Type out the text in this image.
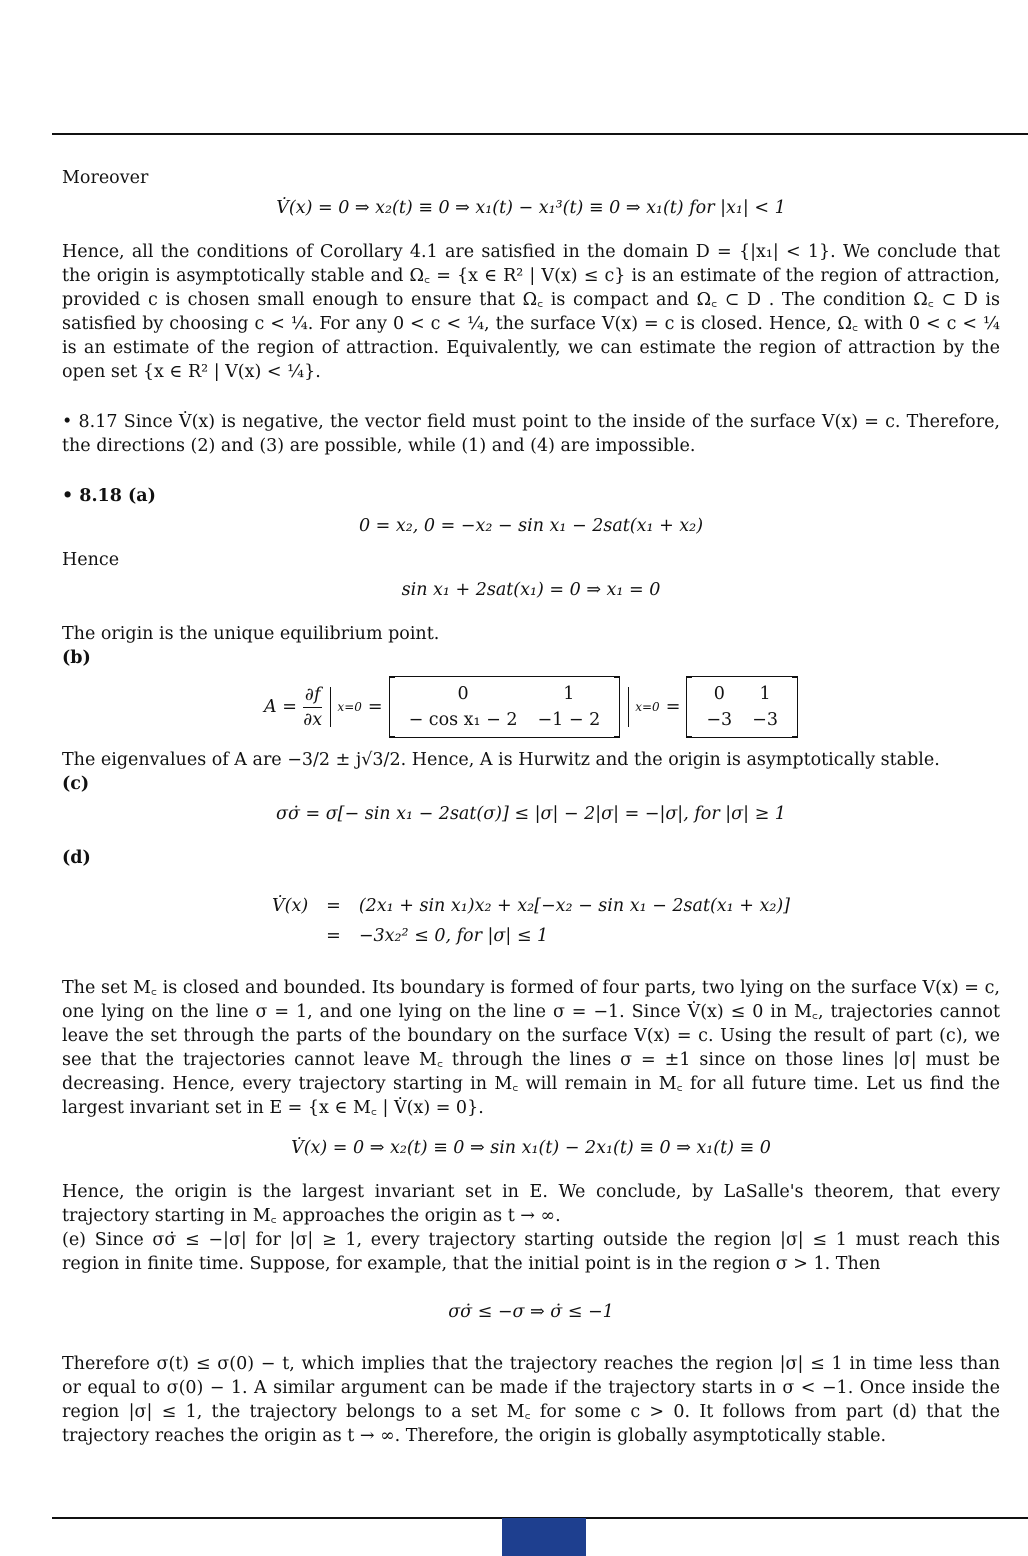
Moreover

V̇(x) = 0 ⇒ x₂(t) ≡ 0 ⇒ x₁(t) − x₁³(t) ≡ 0 ⇒ x₁(t) for |x₁| < 1

Hence, all the conditions of Corollary 4.1 are satisfied in the domain D = {|x₁| < 1}. We conclude that the origin is asymptotically stable and Ω꜀ = {x ∈ R² | V(x) ≤ c} is an estimate of the region of attraction, provided c is chosen small enough to ensure that Ω꜀ is compact and Ω꜀ ⊂ D . The condition Ω꜀ ⊂ D is satisfied by choosing c < ¼. For any 0 < c < ¼, the surface V(x) = c is closed. Hence, Ω꜀ with 0 < c < ¼ is an estimate of the region of attraction. Equivalently, we can estimate the region of attraction by the open set {x ∈ R² | V(x) < ¼}.

• 8.17 Since V̇(x) is negative, the vector field must point to the inside of the surface V(x) = c. Therefore, the directions (2) and (3) are possible, while (1) and (4) are impossible.

• 8.18 (a)

0 = x₂, 0 = −x₂ − sin x₁ − 2sat(x₁ + x₂)

Hence

sin x₁ + 2sat(x₁) = 0 ⇒ x₁ = 0

The origin is the unique equilibrium point.

(b)

$A = \frac{\partial f}{\partial x} x=0$ =
0	1
− cos x₁ − 2	−1 − 2
x=0 =
0	1
−3	−3

The eigenvalues of A are −3/2 ± j√3/2. Hence, A is Hurwitz and the origin is asymptotically stable.

(c)

σσ̇ = σ[− sin x₁ − 2sat(σ)] ≤ |σ| − 2|σ| = −|σ|, for |σ| ≥ 1

(d)

V̇(x) = (2x₁ + sin x₁)x₂ + x₂[−x₂ − sin x₁ − 2sat(x₁ + x₂)]
= −3x₂² ≤ 0, for |σ| ≤ 1

The set M꜀ is closed and bounded. Its boundary is formed of four parts, two lying on the surface V(x) = c, one lying on the line σ = 1, and one lying on the line σ = −1. Since V̇(x) ≤ 0 in M꜀, trajectories cannot leave the set through the parts of the boundary on the surface V(x) = c. Using the result of part (c), we see that the trajectories cannot leave M꜀ through the lines σ = ±1 since on those lines |σ| must be decreasing. Hence, every trajectory starting in M꜀ will remain in M꜀ for all future time. Let us find the largest invariant set in E = {x ∈ M꜀ | V̇(x) = 0}.

V̇(x) = 0 ⇒ x₂(t) ≡ 0 ⇒ sin x₁(t) − 2x₁(t) ≡ 0 ⇒ x₁(t) ≡ 0

Hence, the origin is the largest invariant set in E. We conclude, by LaSalle's theorem, that every trajectory starting in M꜀ approaches the origin as t → ∞.

(e) Since σσ̇ ≤ −|σ| for |σ| ≥ 1, every trajectory starting outside the region |σ| ≤ 1 must reach this region in finite time. Suppose, for example, that the initial point is in the region σ > 1. Then

σσ̇ ≤ −σ ⇒ σ̇ ≤ −1

Therefore σ(t) ≤ σ(0) − t, which implies that the trajectory reaches the region |σ| ≤ 1 in time less than or equal to σ(0) − 1. A similar argument can be made if the trajectory starts in σ < −1. Once inside the region |σ| ≤ 1, the trajectory belongs to a set M꜀ for some c > 0. It follows from part (d) that the trajectory reaches the origin as t → ∞. Therefore, the origin is globally asymptotically stable.
